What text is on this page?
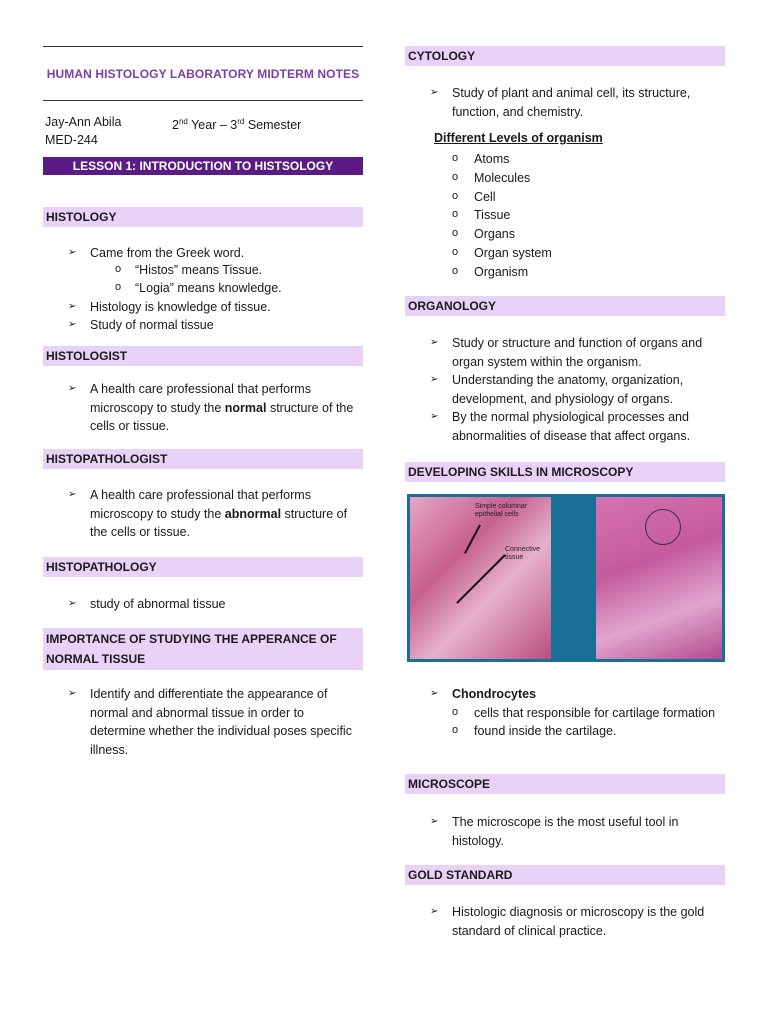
HUMAN HISTOLOGY LABORATORY MIDTERM NOTES
Jay-Ann Abila
MED-244
2nd Year – 3rd Semester
LESSON 1: INTRODUCTION TO HISTSOLOGY
HISTOLOGY
➢ Came from the Greek word.
o “Histos” means Tissue.
o “Logia” means knowledge.
➢ Histology is knowledge of tissue.
➢ Study of normal tissue
HISTOLOGIST
➢ A health care professional that performs microscopy to study the normal structure of the cells or tissue.
HISTOPATHOLOGIST
➢ A health care professional that performs microscopy to study the abnormal structure of the cells or tissue.
HISTOPATHOLOGY
➢ study of abnormal tissue
IMPORTANCE OF STUDYING THE APPERANCE OF
NORMAL TISSUE
➢ Identify and differentiate the appearance of normal and abnormal tissue in order to determine whether the individual poses specific illness.
CYTOLOGY
➢ Study of plant and animal cell, its structure, function, and chemistry.
Different Levels of organism
o Atoms
o Molecules
o Cell
o Tissue
o Organs
o Organ system
o Organism
ORGANOLOGY
➢ Study or structure and function of organs and organ system within the organism.
➢ Understanding the anatomy, organization, development, and physiology of organs.
➢ By the normal physiological processes and abnormalities of disease that affect organs.
DEVELOPING SKILLS IN MICROSCOPY
Simple columnar epithelial cells
Connective tissue
➢ Chondrocytes
o cells that responsible for cartilage formation
o found inside the cartilage.
MICROSCOPE
➢ The microscope is the most useful tool in histology.
GOLD STANDARD
➢ Histologic diagnosis or microscopy is the gold standard of clinical practice.
